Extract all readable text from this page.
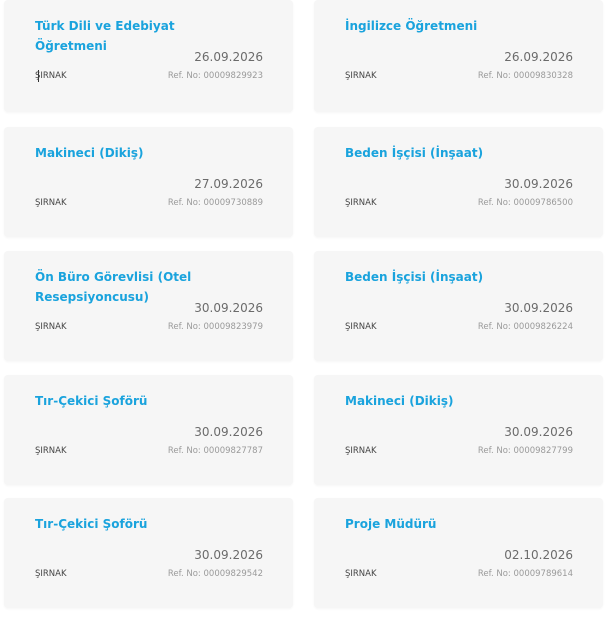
Türk Dili ve Edebiyat Öğretmeni
26.09.2026
ŞIRNAK	Ref. No: 00009829923
İngilizce Öğretmeni
26.09.2026
ŞIRNAK	Ref. No: 00009830328
Makineci (Dikiş)
27.09.2026
ŞIRNAK	Ref. No: 00009730889
Beden İşçisi (İnşaat)
30.09.2026
ŞIRNAK	Ref. No: 00009786500
Ön Büro Görevlisi (Otel Resepsiyoncusu)
30.09.2026
ŞIRNAK	Ref. No: 00009823979
Beden İşçisi (İnşaat)
30.09.2026
ŞIRNAK	Ref. No: 00009826224
Tır-Çekici Şoförü
30.09.2026
ŞIRNAK	Ref. No: 00009827787
Makineci (Dikiş)
30.09.2026
ŞIRNAK	Ref. No: 00009827799
Tır-Çekici Şoförü
30.09.2026
ŞIRNAK	Ref. No: 00009829542
Proje Müdürü
02.10.2026
ŞIRNAK	Ref. No: 00009789614
